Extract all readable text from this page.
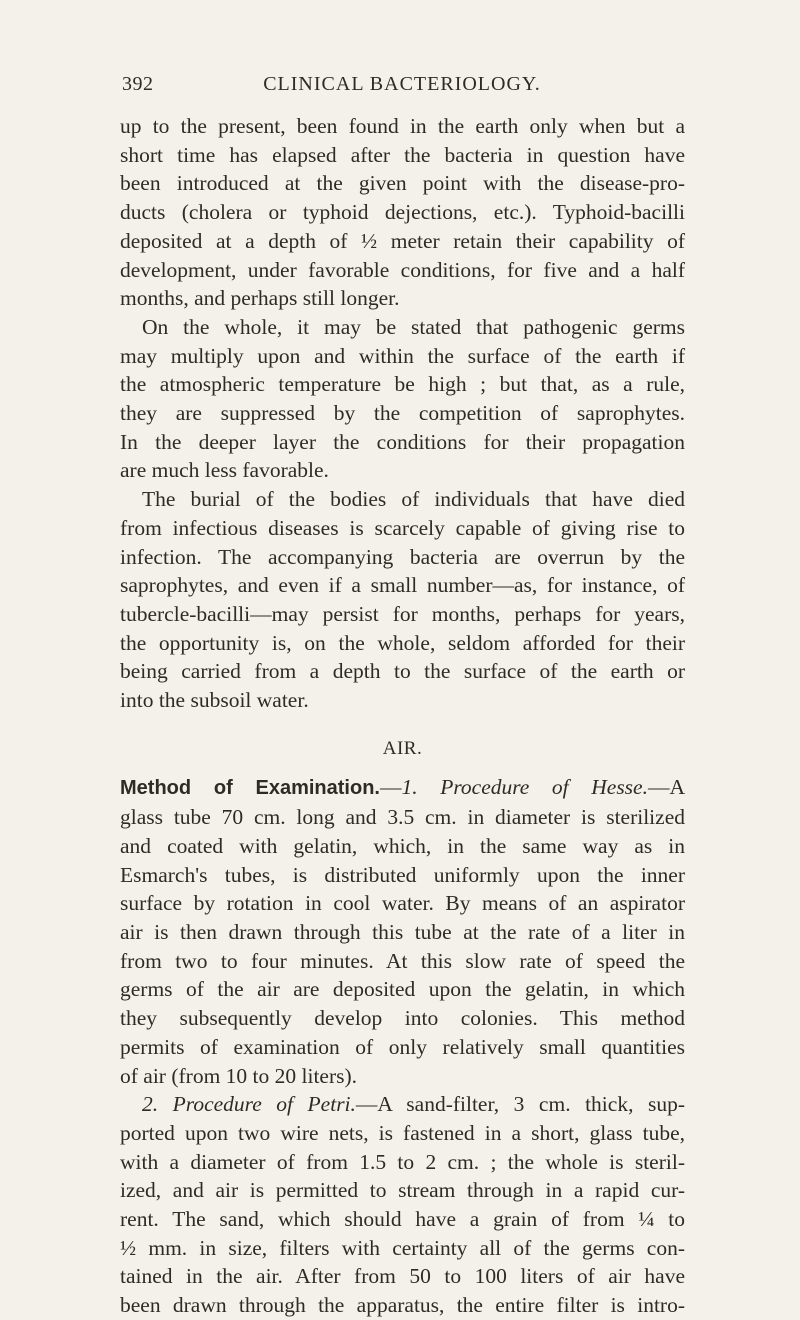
392	CLINICAL BACTERIOLOGY.
up to the present, been found in the earth only when but a
short time has elapsed after the bacteria in question have
been introduced at the given point with the disease-pro-
ducts (cholera or typhoid dejections, etc.). Typhoid-bacilli
deposited at a depth of ½ meter retain their capability of
development, under favorable conditions, for five and a half
months, and perhaps still longer.
On the whole, it may be stated that pathogenic germs
may multiply upon and within the surface of the earth if
the atmospheric temperature be high ; but that, as a rule,
they are suppressed by the competition of saprophytes.
In the deeper layer the conditions for their propagation
are much less favorable.
The burial of the bodies of individuals that have died
from infectious diseases is scarcely capable of giving rise to
infection. The accompanying bacteria are overrun by the
saprophytes, and even if a small number—as, for instance, of
tubercle-bacilli—may persist for months, perhaps for years,
the opportunity is, on the whole, seldom afforded for their
being carried from a depth to the surface of the earth or
into the subsoil water.
AIR.
Method of Examination.—1. Procedure of Hesse.—A
glass tube 70 cm. long and 3.5 cm. in diameter is sterilized
and coated with gelatin, which, in the same way as in
Esmarch's tubes, is distributed uniformly upon the inner
surface by rotation in cool water. By means of an aspirator
air is then drawn through this tube at the rate of a liter in
from two to four minutes. At this slow rate of speed the
germs of the air are deposited upon the gelatin, in which
they subsequently develop into colonies. This method
permits of examination of only relatively small quantities
of air (from 10 to 20 liters).
2. Procedure of Petri.—A sand-filter, 3 cm. thick, sup-
ported upon two wire nets, is fastened in a short, glass tube,
with a diameter of from 1.5 to 2 cm. ; the whole is steril-
ized, and air is permitted to stream through in a rapid cur-
rent. The sand, which should have a grain of from ¼ to
½ mm. in size, filters with certainty all of the germs con-
tained in the air. After from 50 to 100 liters of air have
been drawn through the apparatus, the entire filter is intro-
